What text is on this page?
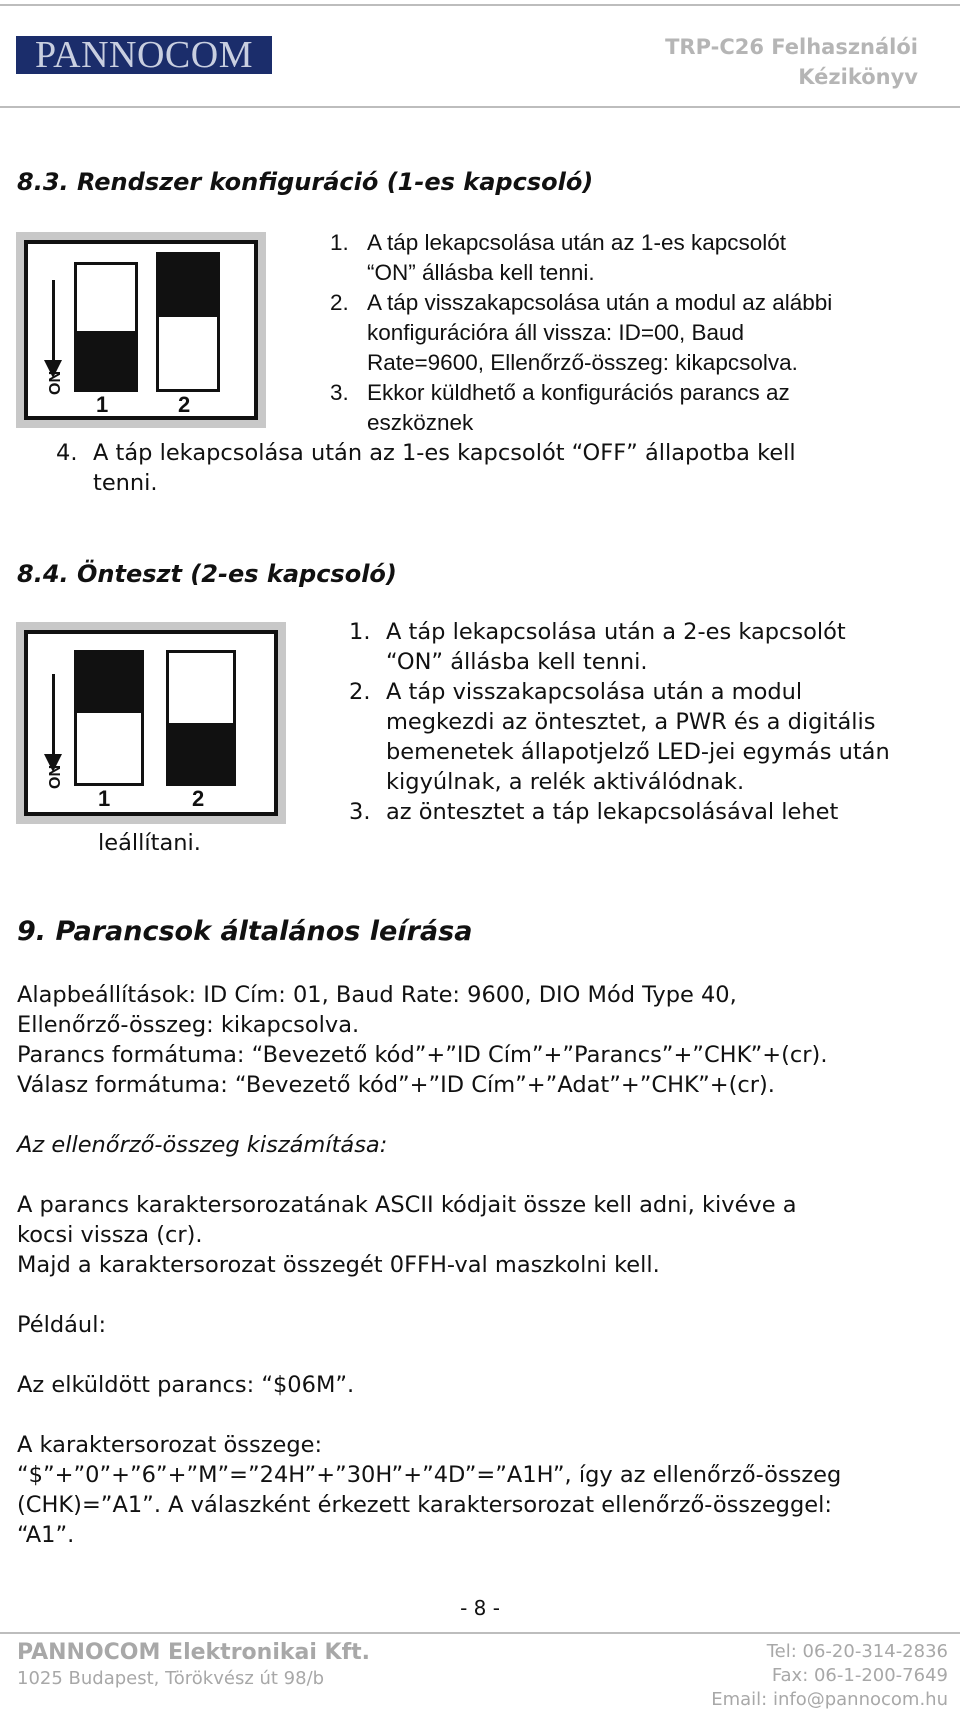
PANNOCOM	TRP-C26 Felhasználói
Kézikönyv
8.3. Rendszer konfiguráció (1-es kapcsoló)
ON
1	2
1. A táp lekapcsolása után az 1-es kapcsolót
“ON” állásba kell tenni.
2. A táp visszakapcsolása után a modul az alábbi
konfigurációra áll vissza: ID=00, Baud
Rate=9600, Ellenőrző-összeg: kikapcsolva.
3. Ekkor küldhető a konfigurációs parancs az
eszköznek
4. A táp lekapcsolása után az 1-es kapcsolót “OFF” állapotba kell
tenni.
8.4. Önteszt (2-es kapcsoló)
ON
1	2
1. A táp lekapcsolása után a 2-es kapcsolót
“ON” állásba kell tenni.
2. A táp visszakapcsolása után a modul
megkezdi az öntesztet, a PWR és a digitális
bemenetek állapotjelző LED-jei egymás után
kigyúlnak, a relék aktiválódnak.
3. az öntesztet a táp lekapcsolásával lehet
leállítani.
9. Parancsok általános leírása

Alapbeállítások: ID Cím: 01, Baud Rate: 9600, DIO Mód Type 40,

Ellenőrző-összeg: kikapcsolva.

Parancs formátuma: “Bevezető kód”+”ID Cím”+”Parancs”+”CHK”+(cr).

Válasz formátuma: “Bevezető kód”+”ID Cím”+”Adat”+”CHK”+(cr).

Az ellenőrző-összeg kiszámítása:

A parancs karaktersorozatának ASCII kódjait össze kell adni, kivéve a

kocsi vissza (cr).

Majd a karaktersorozat összegét 0FFH-val maszkolni kell.

Például:
Az elküldött parancs: “$06M”.

A karaktersorozat összege:

“$”+”0”+”6”+”M”=”24H”+”30H”+”4D”=”A1H”, így az ellenőrző-összeg

(CHK)=”A1”. A válaszként érkezett karaktersorozat ellenőrző-összeggel:

“A1”.

- 8 -
PANNOCOM Elektronikai Kft.
1025 Budapest, Törökvész út 98/b
Tel: 06-20-314-2836
Fax: 06-1-200-7649
Email: info@pannocom.hu
